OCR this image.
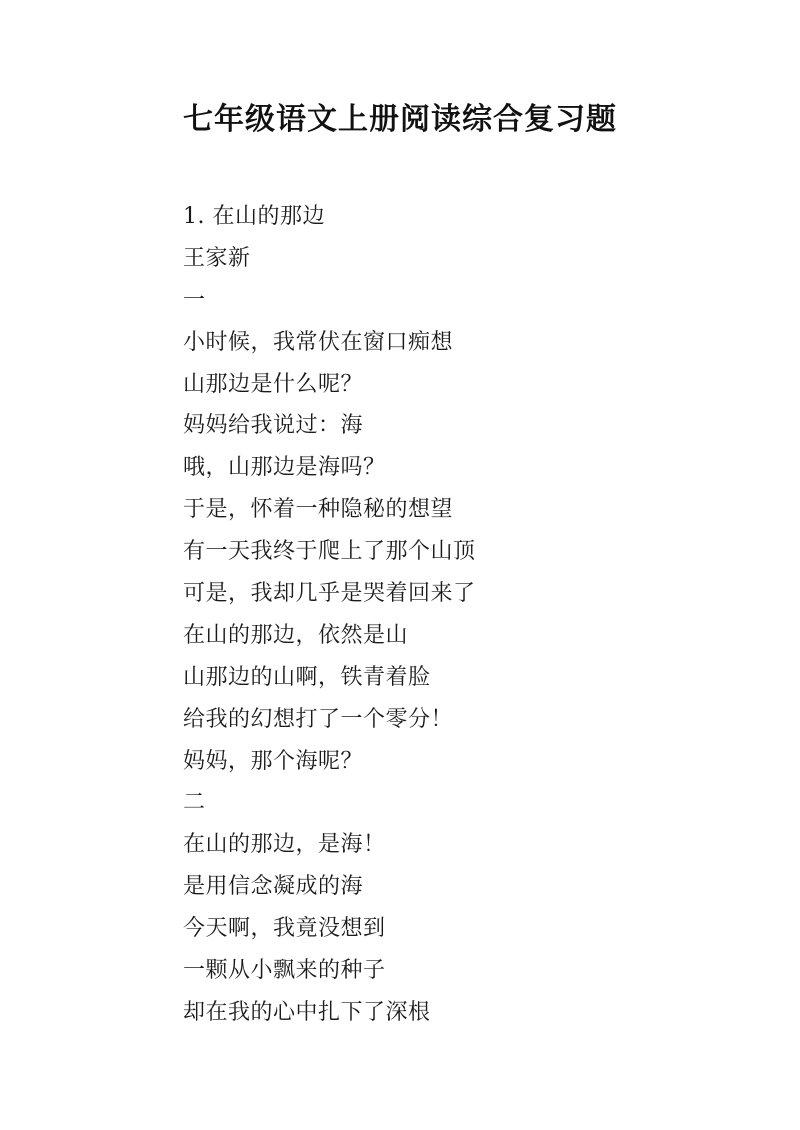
七年级语文上册阅读综合复习题
1. 在山的那边
王家新
一
小时候，我常伏在窗口痴想
山那边是什么呢？
妈妈给我说过：海
哦，山那边是海吗？
于是，怀着一种隐秘的想望
有一天我终于爬上了那个山顶
可是，我却几乎是哭着回来了
在山的那边，依然是山
山那边的山啊，铁青着脸
给我的幻想打了一个零分！
妈妈，那个海呢？
二
在山的那边，是海！
是用信念凝成的海
今天啊，我竟没想到
一颗从小飘来的种子
却在我的心中扎下了深根
